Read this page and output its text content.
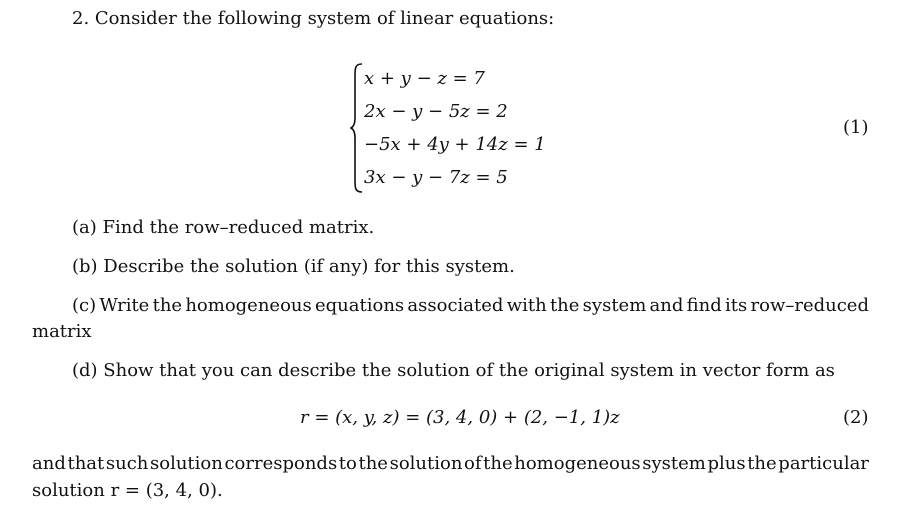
2. Consider the following system of linear equations:
x + y − z = 7
2x − y − 5z = 2
−5x + 4y + 14z = 1
3x − y − 7z = 5
(1)
(a) Find the row–reduced matrix.
(b) Describe the solution (if any) for this system.
(c) Write the homogeneous equations associated with the system and find its row–reduced
matrix
(d) Show that you can describe the solution of the original system in vector form as
r = (x, y, z) = (3, 4, 0) + (2, −1, 1)z	(2)
and that such solution corresponds to the solution of the homogeneous system plus the particular
solution r = (3, 4, 0).
